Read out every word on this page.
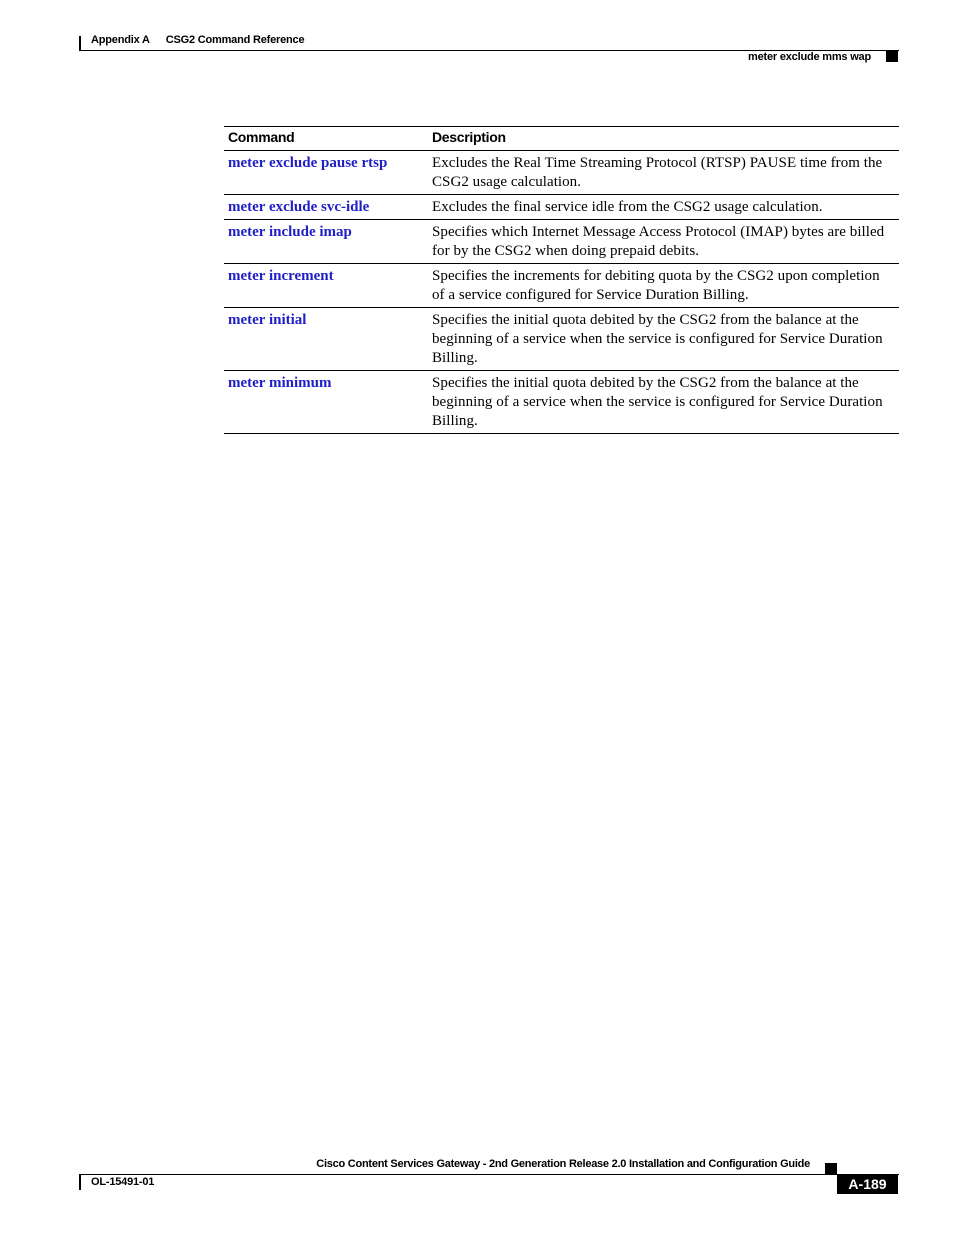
Appendix A CSG2 Command Reference
meter exclude mms wap
Command	Description
meter exclude pause rtsp	Excludes the Real Time Streaming Protocol (RTSP) PAUSE time from the CSG2 usage calculation.
meter exclude svc-idle	Excludes the final service idle from the CSG2 usage calculation.
meter include imap	Specifies which Internet Message Access Protocol (IMAP) bytes are billed for by the CSG2 when doing prepaid debits.
meter increment	Specifies the increments for debiting quota by the CSG2 upon completion of a service configured for Service Duration Billing.
meter initial	Specifies the initial quota debited by the CSG2 from the balance at the beginning of a service when the service is configured for Service Duration Billing.
meter minimum	Specifies the initial quota debited by the CSG2 from the balance at the beginning of a service when the service is configured for Service Duration Billing.
Cisco Content Services Gateway - 2nd Generation Release 2.0 Installation and Configuration Guide
OL-15491-01	A-189
